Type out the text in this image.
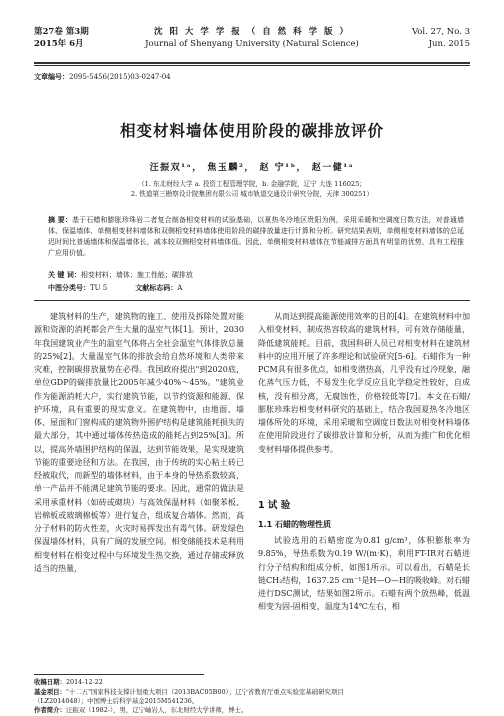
第27卷 第3期
2015年 6月
沈 阳 大 学 学 报 （ 自 然 科 学 版 ）
Journal of Shenyang University (Natural Science)
Vol. 27, No. 3
Jun. 2015
文章编号：2095-5456(2015)03-0247-04
相变材料墙体使用阶段的碳排放评价
汪振双¹ᵃ， 焦玉麟²， 赵 宁¹ᵇ， 赵一健¹ᵃ
（1. 东北财经大学 a. 投资工程管理学院，b. 金融学院，辽宁 大连 116025；
2. 铁道第三勘察设计院集团有限公司 城市轨道交通设计研究分院，天津 300251）
摘 要：基于石蜡和膨胀珍珠岩二者复合制备相变材料的试验基础，以夏热冬冷地区贵阳为例，采用采暖和空调度日数方法，对普通墙体、保温墙体、单侧相变材料墙体和双侧相变材料墙体使用阶段的碳排放量进行计算和分析。研究结果表明，单侧相变材料墙体的总延迟时间比普通墙体和保温墙体长，减本较双侧相变材料墙体低。因此，单侧相变材料墙体在节能减排方面具有明显的优势，具有工程推广应用价值。
关 键 词：相变材料；墙体；施工性能；碳排放
中图分类号：TU 5	文献标志码：A
建筑材料的生产，建筑物的施工、使用及拆除处置对能源和资源的消耗都会产生大量的温室气体[1]。预计，2030年我国建筑业产生的温室气体将占全社会温室气体排放总量的25%[2]。大量温室气体的排放会给自然环境和人类带来灾难，控制碳排放量势在必得。我国政府提出"到2020底，单位GDP的碳排放量比2005年减少40%～45%。"建筑业作为能源消耗大户，实行建筑节能，以节约资源和能源、保护环境，具有重要的现实意义。在建筑物中，由地面、墙体、屋面和门窗构成的建筑物外围护结构是建筑能耗损失的最大部分，其中通过墙体传热造成的能耗占到25%[3]。所以，提高外墙围护结构的保温，达到节能效果，是实现建筑节能的重要途径和方法。在我国，由于传统的实心粘土砖已经被取代，而新型的墙体材料，由于本身的导热系数较高，单一产品并不能满足建筑节能的要求。因此，通常的做法是采用承重材料（如砖或砌块）与高效保温材料（如聚苯板、岩棉板或玻璃棉板等）进行复合，组成复合墙体。然而，高分子材料的防火性差，火灾时易挥发出有毒气体。研发绿色保温墙体材料，具有广阔的发展空间。相变储能技术是利用相变材料在相变过程中与环境发生热交换，通过存储或释放适当的热量，
从而达到提高能源使用效率的目的[4]。在建筑材料中加入相变材料，制成热容较高的建筑材料，可有效存储能量，降低建筑能耗。目前，我国科研人员已对相变材料在建筑材料中的应用开展了许多理论和试验研究[5-6]。石蜡作为一种PCM具有很多优点，如相变潜热高，几乎没有过冷现象，融化蒸气压力低，不易发生化学反应且化学稳定性较好，自成核，没有相分离，无腐蚀性，价格较低等[7]。本文在石蜡/膨胀珍珠岩相变材料研究的基础上，结合我国夏热冬冷地区墙体所处的环境，采用采暖和空调度日数法对相变材料墙体在使用阶段进行了碳排放计算和分析，从而为推广和优化相变材料墙体提供参考。
1 试 验
1.1 石蜡的物理性质
试验选用的石蜡密度为0.81 g/cm³，体积膨胀率为9.85%，导热系数为0.19 W/(m·K)，利用FT-IR对石蜡进行分子结构和组成分析，如图1所示。可以看出，石蜡是长链CH₂结构，1637.25 cm⁻¹是H—O—H的吸收峰。对石蜡进行DSC测试，结果如图2所示。石蜡有两个放热峰，低温相变为固-固相变，温度为14℃左右，相
收稿日期：2014-12-22
基金项目："十二五"国家科技支撑计划重大项目（2013BAC05B00）；辽宁省教育厅重点实验室基础研究项目
（LZ2014048）；中国博士后科学基金2015M541236。
作者简介：汪振双（1982-），男，辽宁岫岩人，东北财经大学讲师，博士。
